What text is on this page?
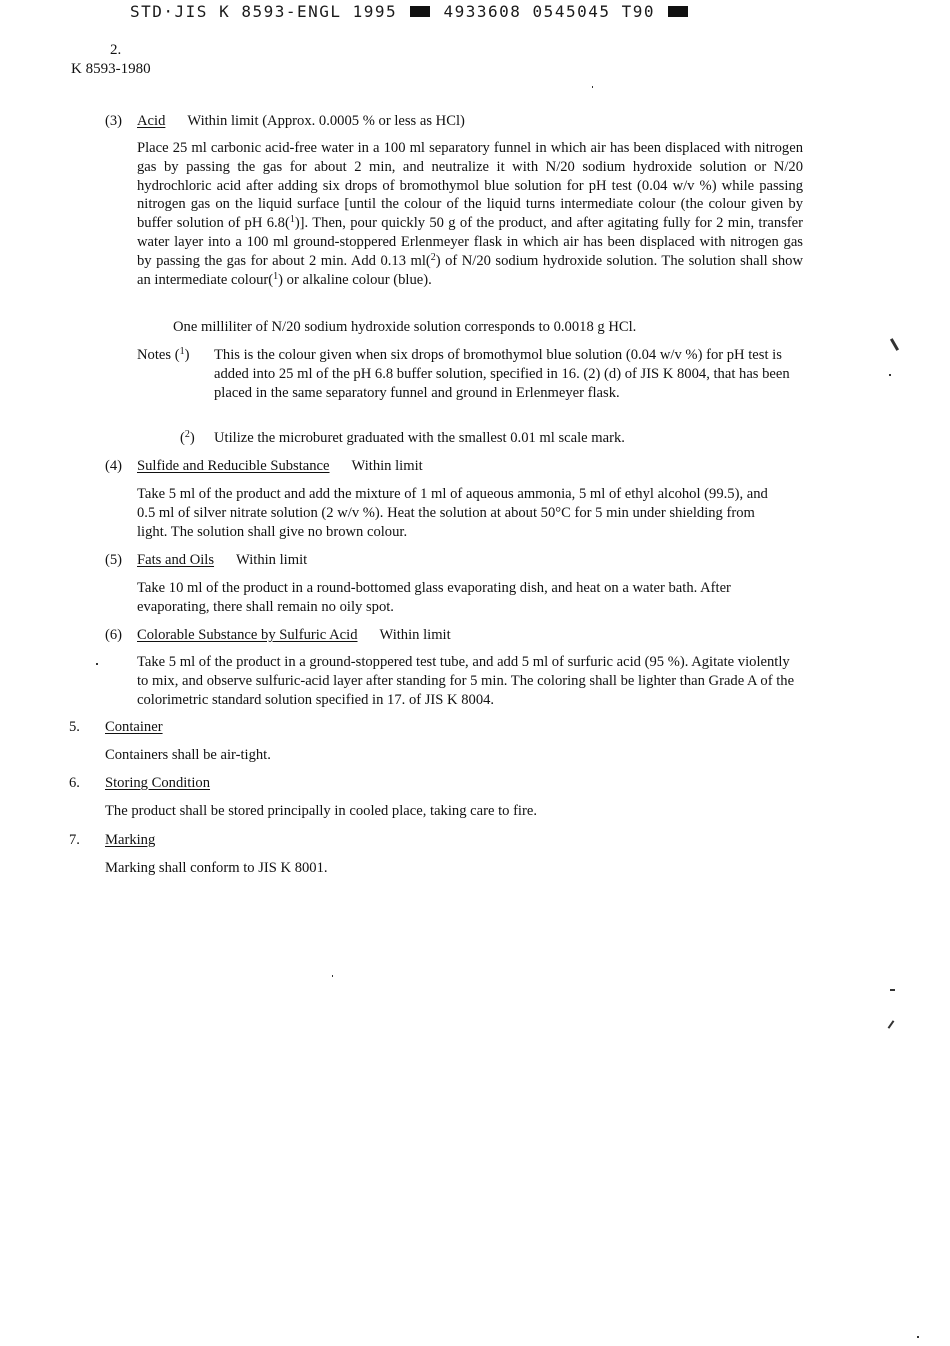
STD·JIS K 8593-ENGL 1995	4933608 0545045 T90
2.
K 8593-1980
(3) Acid Within limit (Approx. 0.0005 % or less as HCl)
Place 25 ml carbonic acid-free water in a 100 ml separatory funnel in which air has been displaced with nitrogen gas by passing the gas for about 2 min, and neutralize it with N/20 sodium hydroxide solution or N/20 hydrochloric acid after adding six drops of bromothymol blue solution for pH test (0.04 w/v %) while passing nitrogen gas on the liquid surface [until the colour of the liquid turns intermediate colour (the colour given by buffer solution of pH 6.8($^1$)]. Then, pour quickly 50 g of the product, and after agitating fully for 2 min, transfer water layer into a 100 ml ground-stoppered Erlenmeyer flask in which air has been displaced with nitrogen gas by passing the gas for about 2 min. Add 0.13 ml($^2$) of N/20 sodium hydroxide solution. The solution shall show an intermediate colour($^1$) or alkaline colour (blue).
One milliliter of N/20 sodium hydroxide solution corresponds to 0.0018 g HCl.
Notes ($^1$) This is the colour given when six drops of bromothymol blue solution (0.04 w/v %) for pH test is added into 25 ml of the pH 6.8 buffer solution, specified in 16. (2) (d) of JIS K 8004, that has been placed in the same separatory funnel and ground in Erlenmeyer flask.
($^2$) Utilize the microburet graduated with the smallest 0.01 ml scale mark.
(4) Sulfide and Reducible Substance Within limit
Take 5 ml of the product and add the mixture of 1 ml of aqueous ammonia, 5 ml of ethyl alcohol (99.5), and 0.5 ml of silver nitrate solution (2 w/v %). Heat the solution at about 50°C for 5 min under shielding from light. The solution shall give no brown colour.
(5) Fats and Oils Within limit
Take 10 ml of the product in a round-bottomed glass evaporating dish, and heat on a water bath. After evaporating, there shall remain no oily spot.
(6) Colorable Substance by Sulfuric Acid Within limit
Take 5 ml of the product in a ground-stoppered test tube, and add 5 ml of surfuric acid (95 %). Agitate violently to mix, and observe sulfuric-acid layer after standing for 5 min. The coloring shall be lighter than Grade A of the colorimetric standard solution specified in 17. of JIS K 8004.
5. Container
Containers shall be air-tight.
6. Storing Condition
The product shall be stored principally in cooled place, taking care to fire.
7. Marking
Marking shall conform to JIS K 8001.
